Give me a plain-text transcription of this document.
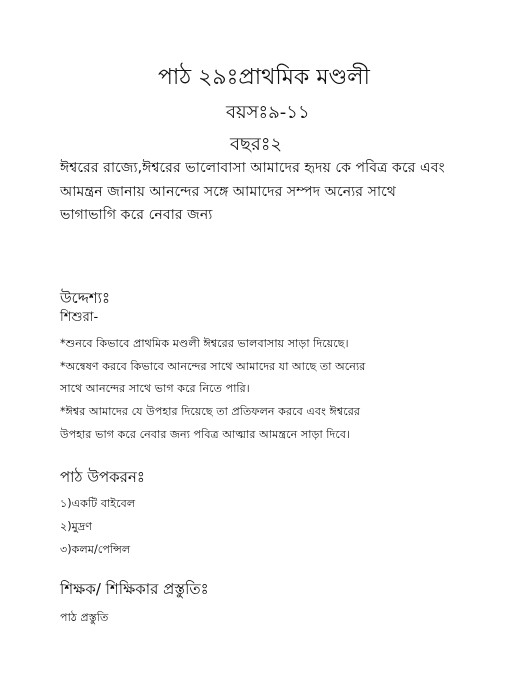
পাঠ ২৯ঃপ্রাথমিক মণ্ডলী
বয়সঃ৯-১১
বছরঃ২
ঈশ্বরের রাজ্যে,ঈশ্বরের ভালোবাসা আমাদের হৃদয় কে পবিত্র করে এবং
আমন্ত্রন জানায় আনন্দের সঙ্গে আমাদের সম্পদ অন্যের সাথে
ভাগাভাগি করে নেবার জন্য
উদ্দেশ্যঃ
শিশুরা-
*শুনবে কিভাবে প্রাথমিক মণ্ডলী ঈশ্বরের ভালবাসায় সাড়া দিয়েছে।
*অন্বেষণ করবে কিভাবে আনন্দের সাথে আমাদের যা আছে তা অন্যের
সাথে আনন্দের সাথে ভাগ করে নিতে পারি।
*ঈশ্বর আমাদের যে উপহার দিয়েছে তা প্রতিফলন করবে এবং ঈশ্বরের
উপহার ভাগ করে নেবার জন্য পবিত্র আত্মার আমন্ত্রনে সাড়া দিবে।
পাঠ উপকরনঃ
১)একটি বাইবেল
২)মুদ্রণ
৩)কলম/পেন্সিল
শিক্ষক/ শিক্ষিকার প্রস্তুতিঃ
পাঠ প্রস্তুতি
